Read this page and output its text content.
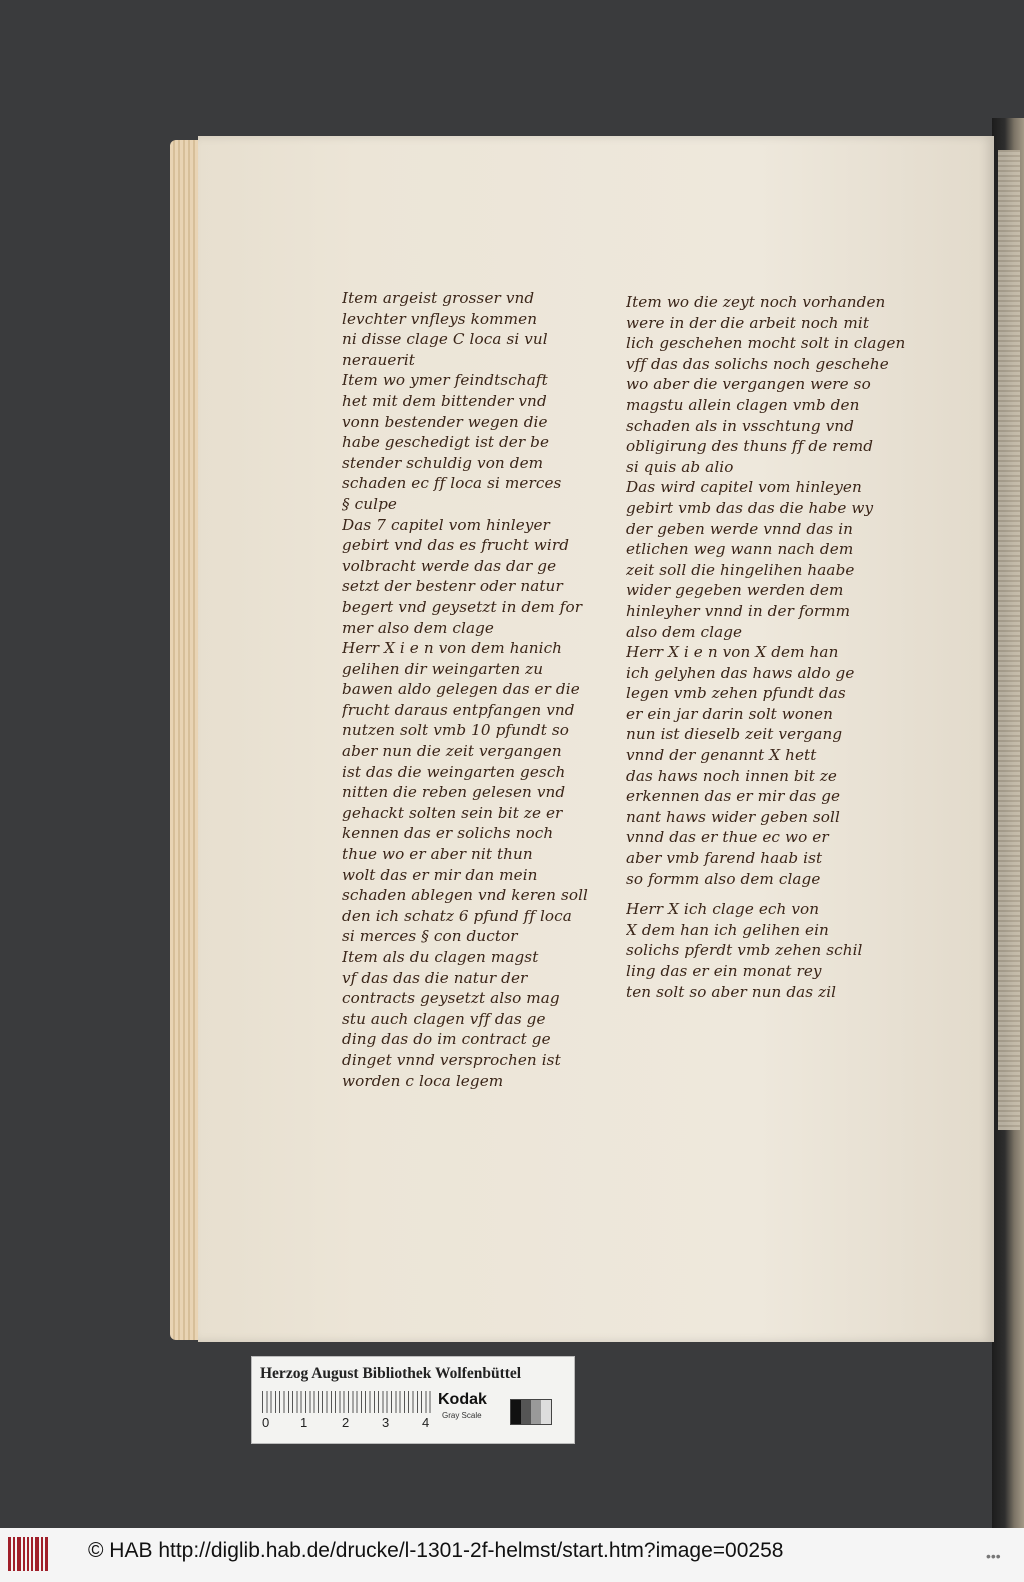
Item argeist grosser vnd
levchter vnfleys kommen
ni disse clage C loca si vul
nerauerit
Item wo ymer feindtschaft
het mit dem bittender vnd
vonn bestender wegen die
habe geschedigt ist der be
stender schuldig von dem
schaden ec ff loca si merces
§ culpe
Das 7 capitel vom hinleyer
gebirt vnd das es frucht wird
volbracht werde das dar ge
setzt der bestenr oder natur
begert vnd geysetzt in dem for
mer also dem clage
Herr X i e n von dem hanich
gelihen dir weingarten zu
bawen aldo gelegen das er die
frucht daraus entpfangen vnd
nutzen solt vmb 10 pfundt so
aber nun die zeit vergangen
ist das die weingarten gesch
nitten die reben gelesen vnd
gehackt solten sein bit ze er
kennen das er solichs noch
thue wo er aber nit thun
wolt das er mir dan mein
schaden ablegen vnd keren soll
den ich schatz 6 pfund ff loca
si merces § con ductor
Item als du clagen magst
vf das das die natur der
contracts geysetzt also mag
stu auch clagen vff das ge
ding das do im contract ge
dinget vnnd versprochen ist
worden c loca legem
Item wo die zeyt noch vorhanden
were in der die arbeit noch mit
lich geschehen mocht solt in clagen
vff das das solichs noch geschehe
wo aber die vergangen were so
magstu allein clagen vmb den
schaden als in vsschtung vnd
obligirung des thuns ff de remd
si quis ab alio
Das wird capitel vom hinleyen
gebirt vmb das das die habe wy
der geben werde vnnd das in
etlichen weg wann nach dem
zeit soll die hingelihen haabe
wider gegeben werden dem
hinleyher vnnd in der formm
also dem clage
Herr X i e n von X dem han
ich gelyhen das haws aldo ge
legen vmb zehen pfundt das
er ein jar darin solt wonen
nun ist dieselb zeit vergang
vnnd der genannt X hett
das haws noch innen bit ze
erkennen das er mir das ge
nant haws wider geben soll
vnnd das er thue ec wo er
aber vmb farend haab ist
so formm also dem clage
Herr X ich clage ech von
X dem han ich gelihen ein
solichs pferdt vmb zehen schil
ling das er ein monat rey
ten solt so aber nun das zil
Herzog August Bibliothek Wolfenbüttel
0 1	2	3	4
Kodak
Gray Scale
© HAB http://diglib.hab.de/drucke/l-1301-2f-helmst/start.htm?image=00258	•••
